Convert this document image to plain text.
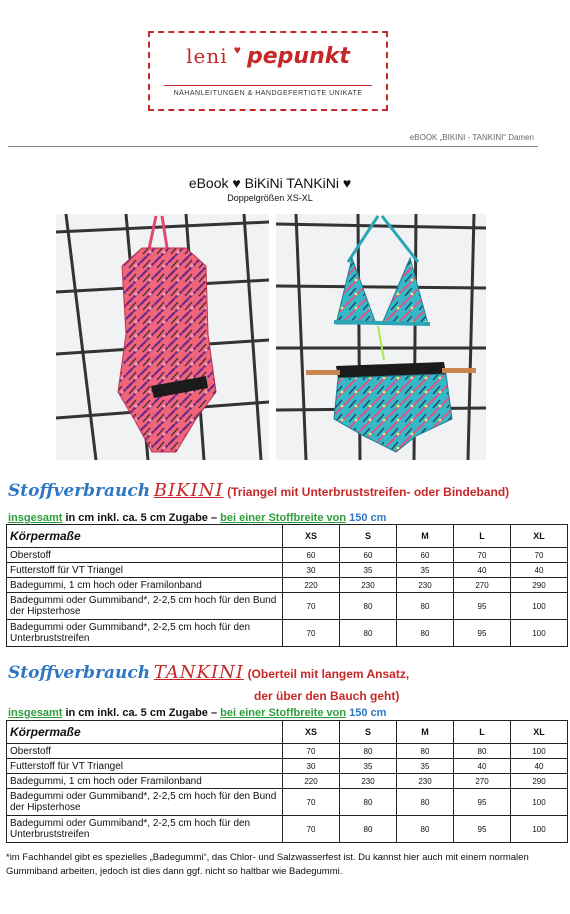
leni ♥ pepunkt
NÄHANLEITUNGEN & HANDGEFERTIGTE UNIKATE
eBOOK „BIKINI - TANKINI“ Damen
eBook ♥ BiKiNi TANKiNi ♥
Doppelgrößen XS-XL
Stoffverbrauch BIKINI (Triangel mit Unterbruststreifen- oder Bindeband)
insgesamt in cm inkl. ca. 5 cm Zugabe – bei einer Stoffbreite von 150 cm
Körpermaße	XS	S	M	L	XL
Oberstoff	60	60	60	70	70
Futterstoff für VT Triangel	30	35	35	40	40
Badegummi, 1 cm hoch oder Framilonband	220	230	230	270	290
Badegummi oder Gummiband*, 2-2,5 cm hoch für den Bund der Hipsterhose	70	80	80	95	100
Badegummi oder Gummiband*, 2-2,5 cm hoch für den Unterbruststreifen	70	80	80	95	100
Stoffverbrauch TANKINI (Oberteil mit langem Ansatz,
der über den Bauch geht)
insgesamt in cm inkl. ca. 5 cm Zugabe – bei einer Stoffbreite von 150 cm
Körpermaße	XS	S	M	L	XL
Oberstoff	70	80	80	80	100
Futterstoff für VT Triangel	30	35	35	40	40
Badegummi, 1 cm hoch oder Framilonband	220	230	230	270	290
Badegummi oder Gummiband*, 2-2,5 cm hoch für den Bund der Hipsterhose	70	80	80	95	100
Badegummi oder Gummiband*, 2-2,5 cm hoch für den Unterbruststreifen	70	80	80	95	100
*im Fachhandel gibt es spezielles „Badegummi“, das Chlor- und Salzwasserfest ist. Du kannst hier auch mit einem normalen Gummiband arbeiten, jedoch ist dies dann ggf. nicht so haltbar wie Badegummi.
